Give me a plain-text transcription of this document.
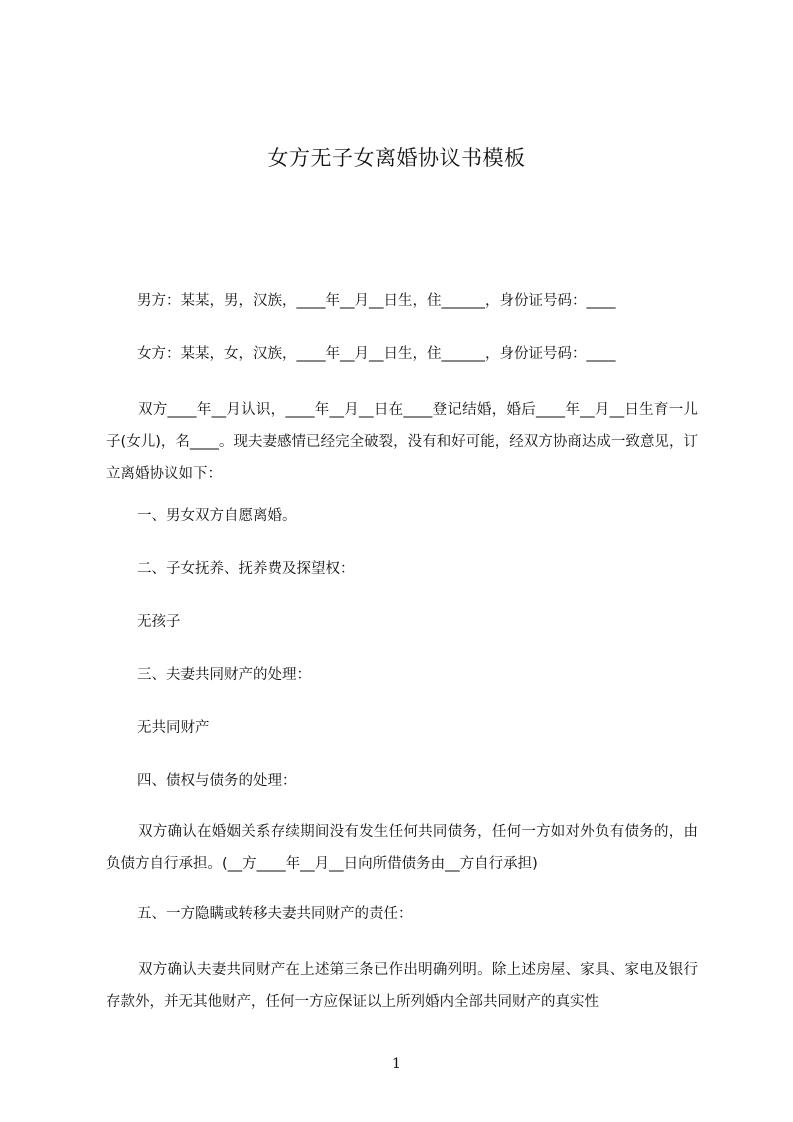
女方无子女离婚协议书模板
男方：某某，男，汉族，____年__月__日生，住______，身份证号码：____
女方：某某，女，汉族，____年__月__日生，住______，身份证号码：____
双方____年__月认识，____年__月__日在____登记结婚，婚后____年__月__日生育一儿子(女儿)，名____。现夫妻感情已经完全破裂，没有和好可能，经双方协商达成一致意见，订立离婚协议如下：
一、男女双方自愿离婚。
二、子女抚养、抚养费及探望权：
无孩子
三、夫妻共同财产的处理：
无共同财产
四、债权与债务的处理：
双方确认在婚姻关系存续期间没有发生任何共同债务，任何一方如对外负有债务的，由负债方自行承担。(__方____年__月__日向所借债务由__方自行承担)
五、一方隐瞒或转移夫妻共同财产的责任：
双方确认夫妻共同财产在上述第三条已作出明确列明。除上述房屋、家具、家电及银行存款外，并无其他财产，任何一方应保证以上所列婚内全部共同财产的真实性
1
